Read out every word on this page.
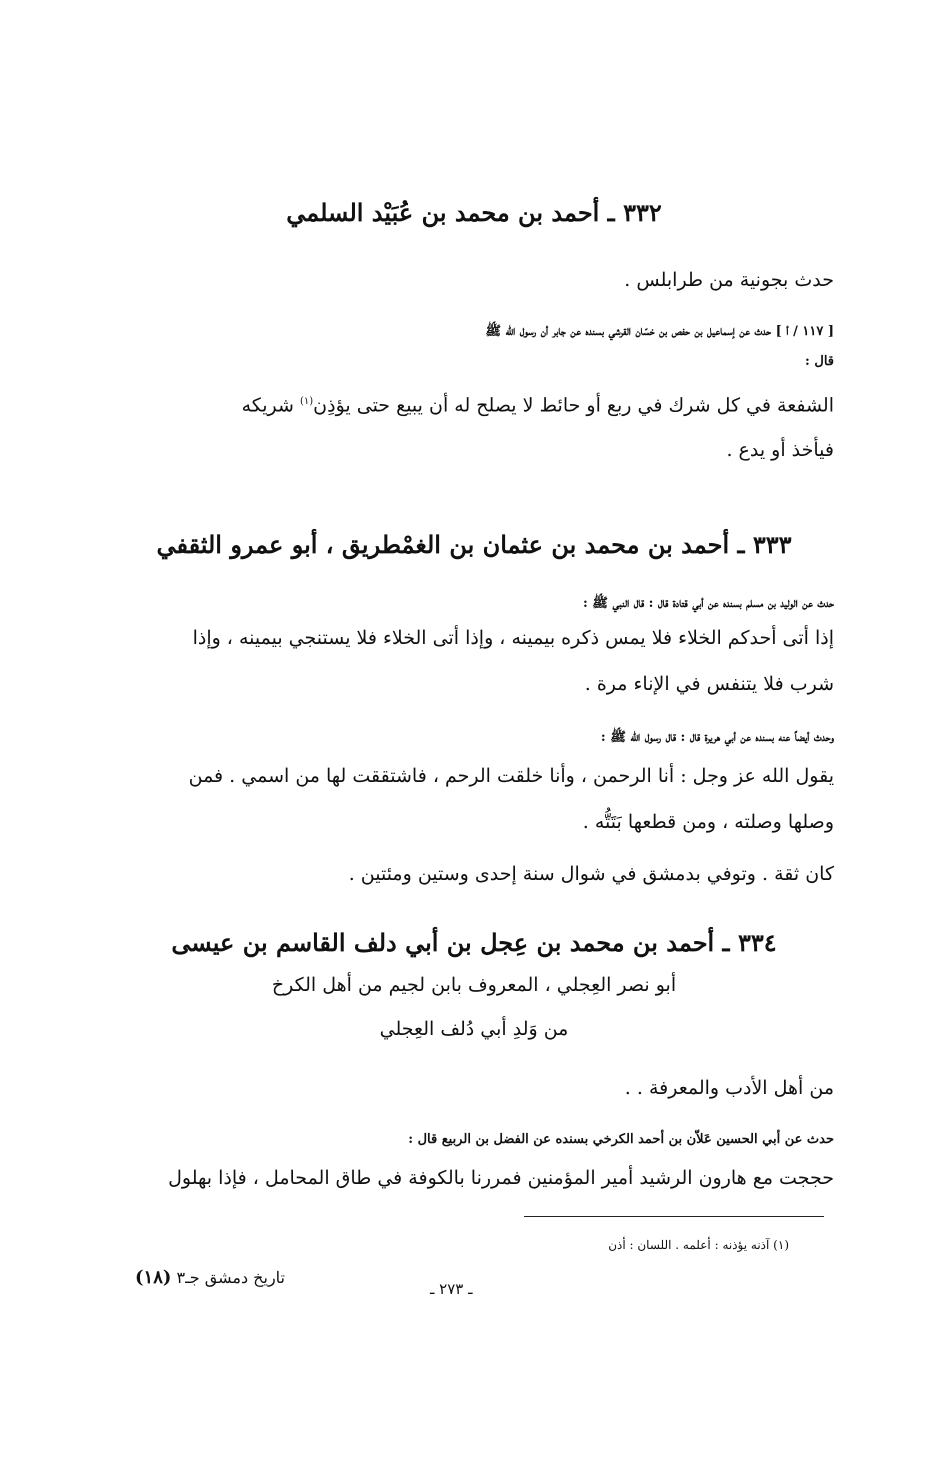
٣٣٢ ـ أحمد بن محمد بن عُبَيْد السلمي
حدث بجونية من طرابلس .
[ ١١٧ / أ ] حدث عن إسماعيل بن حفص بن خسّان القرشي بسنده عن جابر أن رسول الله ﷺ
قال :
الشفعة في كل شرك في ربع أو حائط لا يصلح له أن يبيع حتى يؤذِن$^{(١)}$ شريكه
فيأخذ أو يدع .
٣٣٣ ـ أحمد بن محمد بن عثمان بن الغمْطريق ، أبو عمرو الثقفي
حدث عن الوليد بن مسلم بسنده عن أبي قتادة قال : قال النبي ﷺ :
إذا أتى أحدكم الخلاء فلا يمس ذكره بيمينه ، وإذا أتى الخلاء فلا يستنجي بيمينه ، وإذا
شرب فلا يتنفس في الإناء مرة .
وحدث أيضاً عنه بسنده عن أبي هريرة قال : قال رسول الله ﷺ :
يقول الله عز وجل : أنا الرحمن ، وأنا خلقت الرحم ، فاشتققت لها من اسمي . فمن
وصلها وصلته ، ومن قطعها بَتَتُّه .
كان ثقة . وتوفي بدمشق في شوال سنة إحدى وستين ومئتين .
٣٣٤ ـ أحمد بن محمد بن عِجل بن أبي دلف القاسم بن عيسى
أبو نصر العِجلي ، المعروف بابن لجيم من أهل الكرخ
من وَلدِ أبي دُلف العِجلي
من أهل الأدب والمعرفة . .
حدث عن أبي الحسين عَلاّن بن أحمد الكرخي بسنده عن الفضل بن الربيع قال :
حججت مع هارون الرشيد أمير المؤمنين فمررنا بالكوفة في طاق المحامل ، فإذا بهلول
(١) آذنه يؤذنه : أعلمه . اللسان : أذن
تاريخ دمشق جـ٣ (١٨)
ـ ٢٧٣ ـ
